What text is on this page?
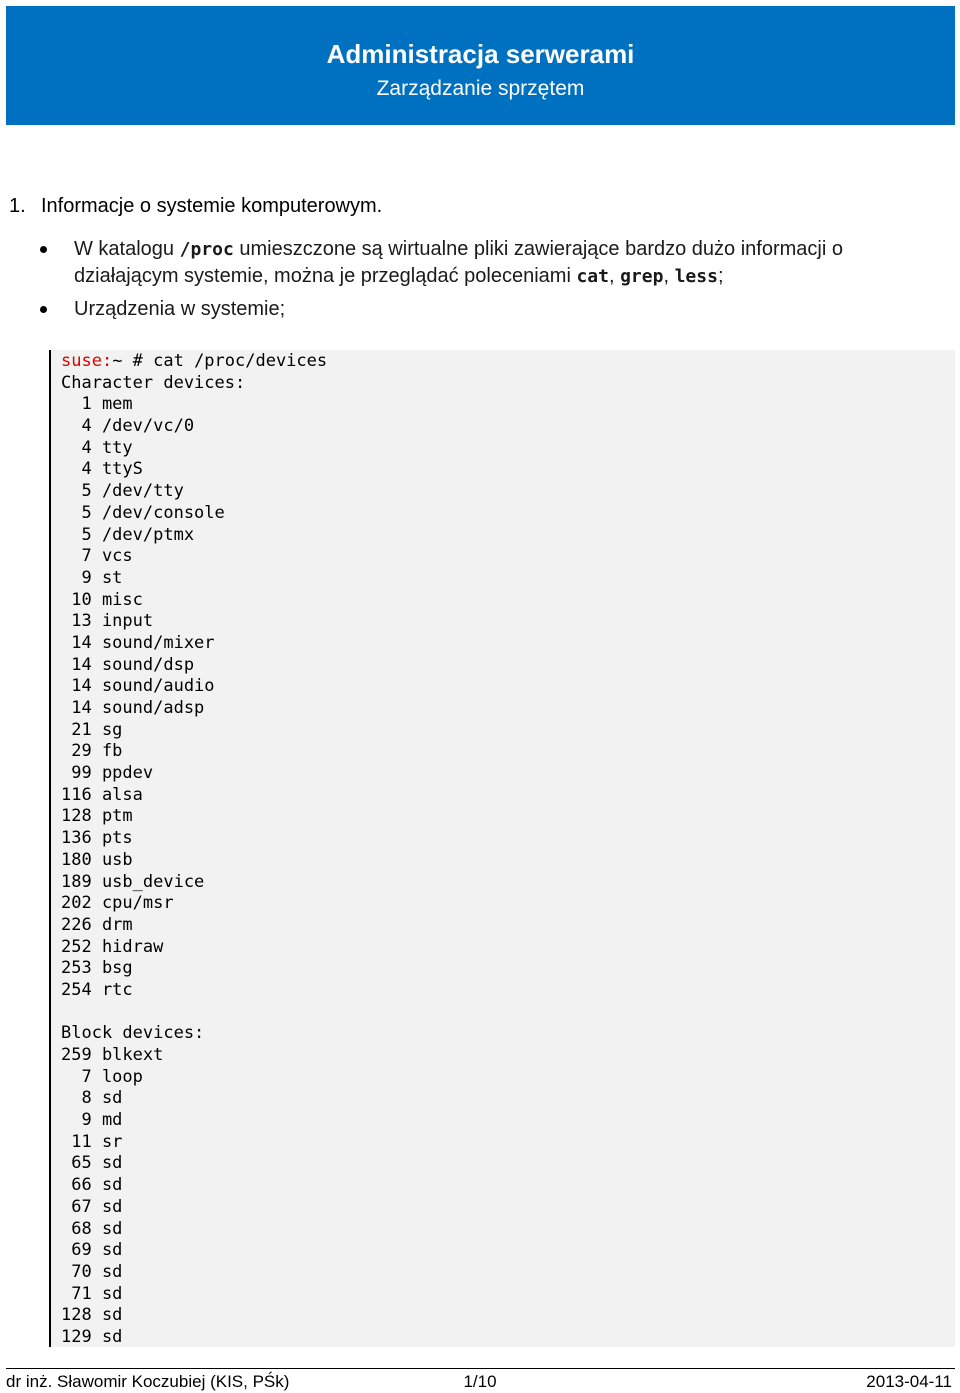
Administracja serwerami
Zarządzanie sprzętem
1. Informacje o systemie komputerowym.
W katalogu /proc umieszczone są wirtualne pliki zawierające bardzo dużo informacji o działającym systemie, można je przeglądać poleceniami cat, grep, less;
Urządzenia w systemie;
suse:~ # cat /proc/devices
Character devices:
1 mem
4 /dev/vc/0
4 tty
4 ttyS
5 /dev/tty
5 /dev/console
5 /dev/ptmx
7 vcs
9 st
10 misc
13 input
14 sound/mixer
14 sound/dsp
14 sound/audio
14 sound/adsp
21 sg
29 fb
99 ppdev
116 alsa
128 ptm
136 pts
180 usb
189 usb_device
202 cpu/msr
226 drm
252 hidraw
253 bsg
254 rtc
Block devices:
259 blkext
7 loop
8 sd
9 md
11 sr
65 sd
66 sd
67 sd
68 sd
69 sd
70 sd
71 sd
128 sd
129 sd
dr inż. Sławomir Koczubiej (KIS, PŚk)	1/10	2013-04-11
